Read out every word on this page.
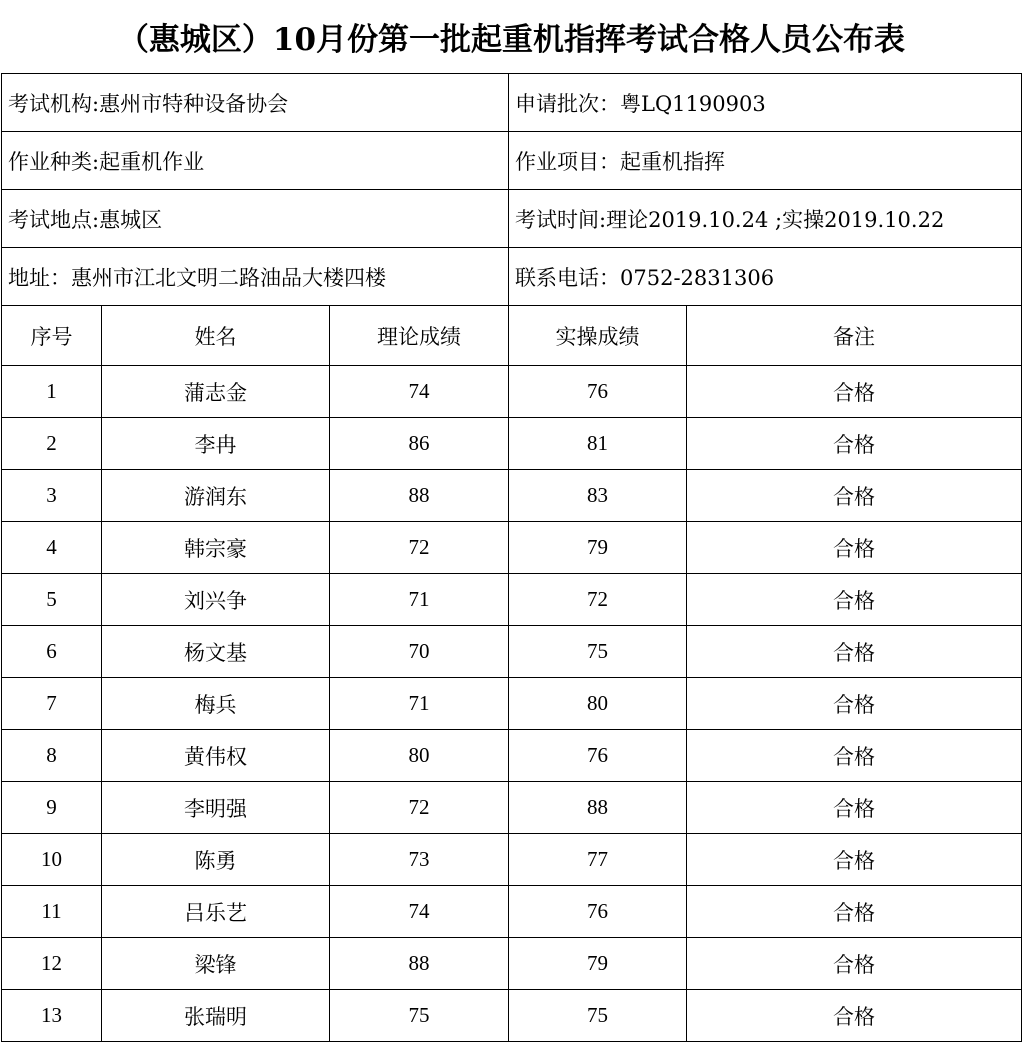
（惠城区）10月份第一批起重机指挥考试合格人员公布表
考试机构:惠州市特种设备协会			申请批次：粤LQ1190903	
作业种类:起重机作业			作业项目：起重机指挥	
考试地点:惠城区			考试时间:理论2019.10.24 ;实操2019.10.22	
地址：惠州市江北文明二路油品大楼四楼			联系电话：0752-2831306	
序号	姓名	理论成绩	实操成绩	备注
1	蒲志金	74	76	合格
2	李冉	86	81	合格
3	游润东	88	83	合格
4	韩宗豪	72	79	合格
5	刘兴争	71	72	合格
6	杨文基	70	75	合格
7	梅兵	71	80	合格
8	黄伟权	80	76	合格
9	李明强	72	88	合格
10	陈勇	73	77	合格
11	吕乐艺	74	76	合格
12	梁锋	88	79	合格
13	张瑞明	75	75	合格
